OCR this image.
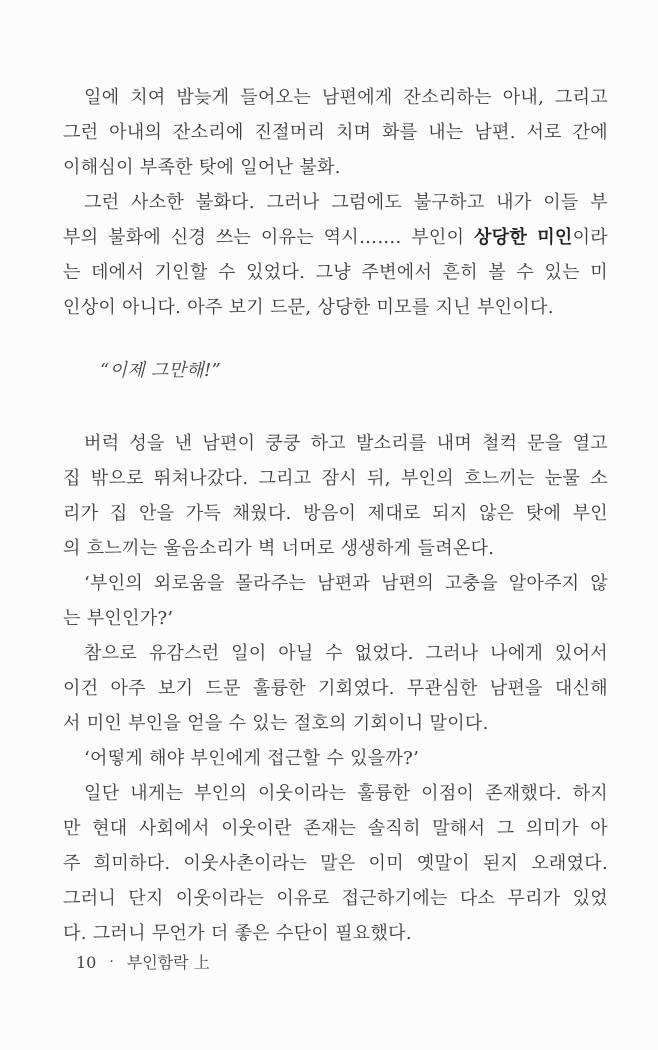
일에 치여 밤늦게 들어오는 남편에게 잔소리하는 아내, 그리고
그런 아내의 잔소리에 진절머리 치며 화를 내는 남편. 서로 간에
이해심이 부족한 탓에 일어난 불화.

그런 사소한 불화다. 그러나 그럼에도 불구하고 내가 이들 부
부의 불화에 신경 쓰는 이유는 역시……. 부인이 상당한 미인이라
는 데에서 기인할 수 있었다. 그냥 주변에서 흔히 볼 수 있는 미
인상이 아니다. 아주 보기 드문, 상당한 미모를 지닌 부인이다.

“이제 그만해!”

버럭 성을 낸 남편이 쿵쿵 하고 발소리를 내며 철컥 문을 열고
집 밖으로 뛰쳐나갔다. 그리고 잠시 뒤, 부인의 흐느끼는 눈물 소
리가 집 안을 가득 채웠다. 방음이 제대로 되지 않은 탓에 부인
의 흐느끼는 울음소리가 벽 너머로 생생하게 들려온다.

‘부인의 외로움을 몰라주는 남편과 남편의 고충을 알아주지 않
는 부인인가?’

참으로 유감스런 일이 아닐 수 없었다. 그러나 나에게 있어서
이건 아주 보기 드문 훌륭한 기회였다. 무관심한 남편을 대신해
서 미인 부인을 얻을 수 있는 절호의 기회이니 말이다.

‘어떻게 해야 부인에게 접근할 수 있을까?’

일단 내게는 부인의 이웃이라는 훌륭한 이점이 존재했다. 하지
만 현대 사회에서 이웃이란 존재는 솔직히 말해서 그 의미가 아
주 희미하다. 이웃사촌이라는 말은 이미 옛말이 된지 오래였다.
그러니 단지 이웃이라는 이유로 접근하기에는 다소 무리가 있었
다. 그러니 무언가 더 좋은 수단이 필요했다.

10 · 부인함락 上
